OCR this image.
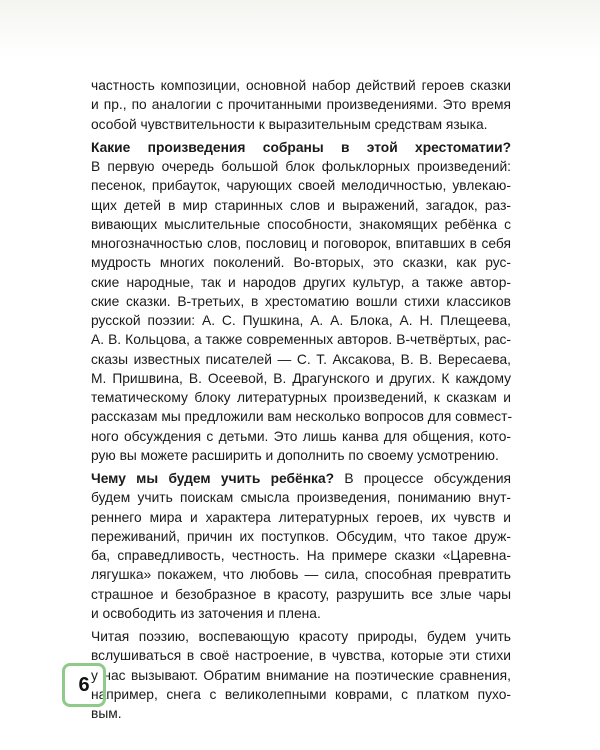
частность композиции, основной набор действий героев сказки
и пр., по аналогии с прочитанными произведениями. Это время
особой чувствительности к выразительным средствам языка.
Какие произведения собраны в этой хрестоматии?
В первую очередь большой блок фольклорных произведений:
песенок, прибауток, чарующих своей мелодичностью, увлекаю-
щих детей в мир старинных слов и выражений, загадок, раз-
вивающих мыслительные способности, знакомящих ребёнка с
многозначностью слов, пословиц и поговорок, впитавших в себя
мудрость многих поколений. Во-вторых, это сказки, как рус-
ские народные, так и народов других культур, а также автор-
ские сказки. В-третьих, в хрестоматию вошли стихи классиков
русской поэзии: А. С. Пушкина, А. А. Блока, А. Н. Плещеева,
А. В. Кольцова, а также современных авторов. В-четвёртых, рас-
сказы известных писателей — С. Т. Аксакова, В. В. Вересаева,
М. Пришвина, В. Осеевой, В. Драгунского и других. К каждому
тематическому блоку литературных произведений, к сказкам и
рассказам мы предложили вам несколько вопросов для совмест-
ного обсуждения с детьми. Это лишь канва для общения, кото-
рую вы можете расширить и дополнить по своему усмотрению.
Чему мы будем учить ребёнка? В процессе обсуждения
будем учить поискам смысла произведения, пониманию внут-
реннего мира и характера литературных героев, их чувств и
переживаний, причин их поступков. Обсудим, что такое друж-
ба, справедливость, честность. На примере сказки «Царевна-
лягушка» покажем, что любовь — сила, способная превратить
страшное и безобразное в красоту, разрушить все злые чары
и освободить из заточения и плена.
Читая поэзию, воспевающую красоту природы, будем учить
вслушиваться в своё настроение, в чувства, которые эти стихи
у нас вызывают. Обратим внимание на поэтические сравнения,
например, снега с великолепными коврами, с платком пухо-
вым.
6
